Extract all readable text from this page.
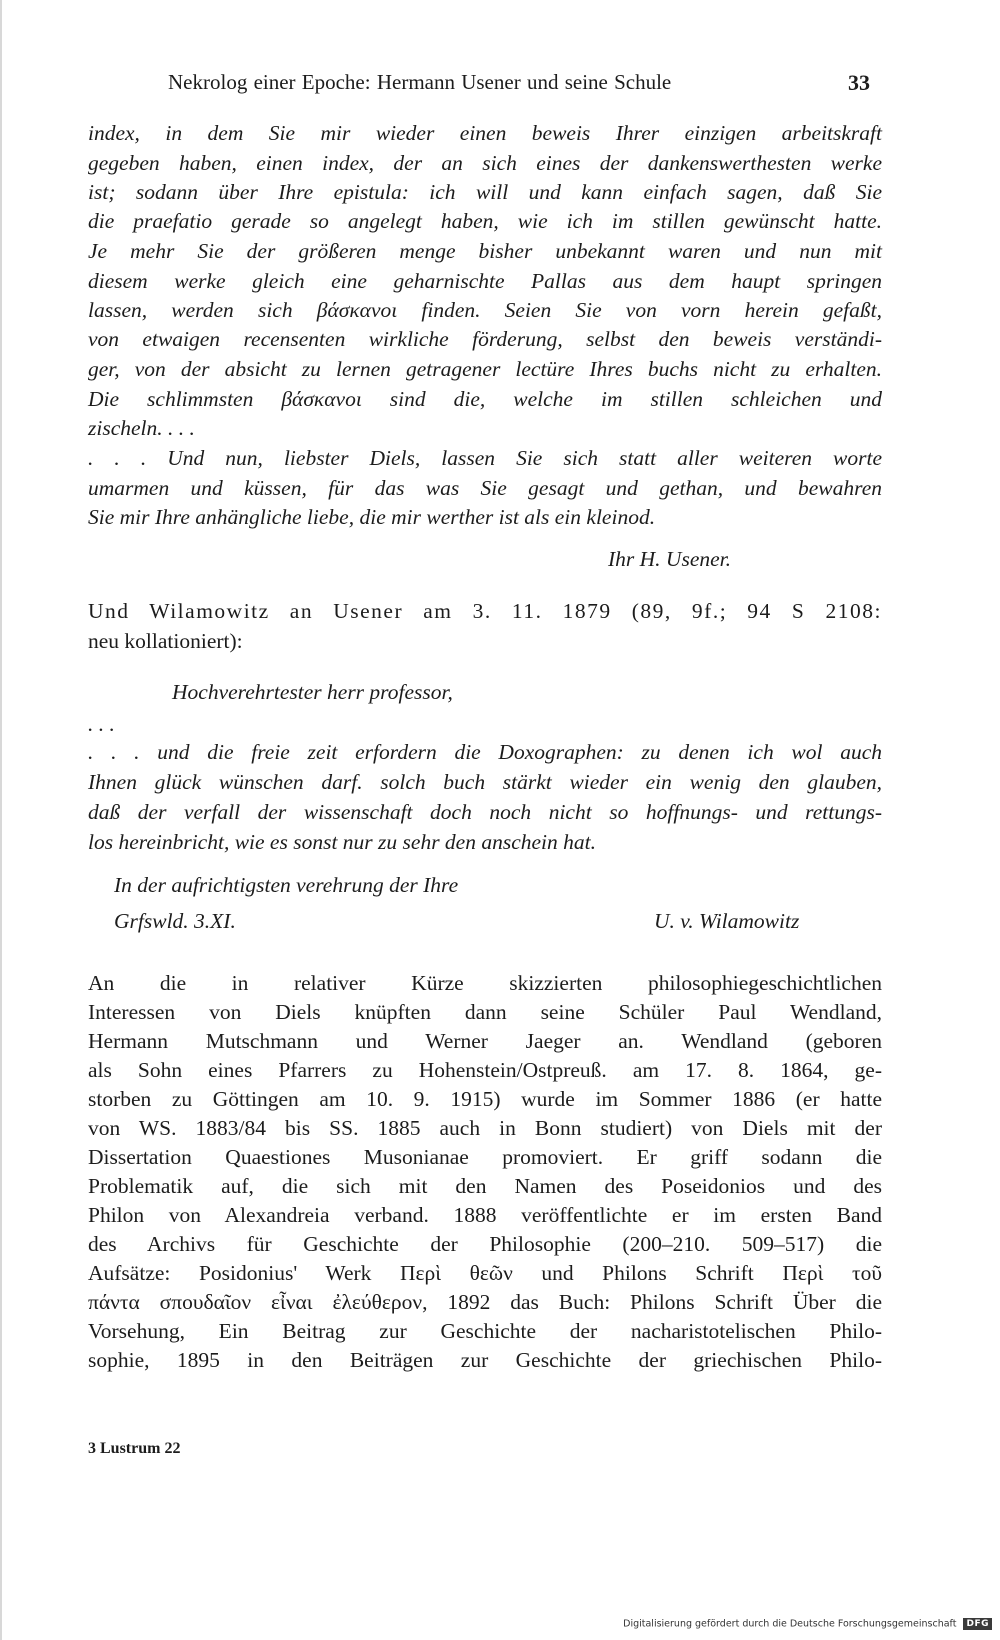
Nekrolog einer Epoche: Hermann Usener und seine Schule	33
index, in dem Sie mir wieder einen beweis Ihrer einzigen arbeitskraft
gegeben haben, einen index, der an sich eines der dankenswerthesten werke
ist; sodann über Ihre epistula: ich will und kann einfach sagen, daß Sie
die praefatio gerade so angelegt haben, wie ich im stillen gewünscht hatte.
Je mehr Sie der größeren menge bisher unbekannt waren und nun mit
diesem werke gleich eine geharnischte Pallas aus dem haupt springen
lassen, werden sich βάσκανοι finden. Seien Sie von vorn herein gefaßt,
von etwaigen recensenten wirkliche förderung, selbst den beweis verständi-
ger, von der absicht zu lernen getragener lectüre Ihres buchs nicht zu erhalten.
Die schlimmsten βάσκανοι sind die, welche im stillen schleichen und
zischeln. . . .
. . . Und nun, liebster Diels, lassen Sie sich statt aller weiteren worte
umarmen und küssen, für das was Sie gesagt und gethan, und bewahren
Sie mir Ihre anhängliche liebe, die mir werther ist als ein kleinod.
Ihr H. Usener.
Und Wilamowitz an Usener am 3. 11. 1879 (89, 9f.; 94 S 2108:
neu kollationiert):
Hochverehrtester herr professor,
. . .
. . . und die freie zeit erfordern die Doxographen: zu denen ich wol auch
Ihnen glück wünschen darf. solch buch stärkt wieder ein wenig den glauben,
daß der verfall der wissenschaft doch noch nicht so hoffnungs- und rettungs-
los hereinbricht, wie es sonst nur zu sehr den anschein hat.
In der aufrichtigsten verehrung der Ihre
Grfswld. 3.XI.	U. v. Wilamowitz
An die in relativer Kürze skizzierten philosophiegeschichtlichen
Interessen von Diels knüpften dann seine Schüler Paul Wendland,
Hermann Mutschmann und Werner Jaeger an. Wendland (geboren
als Sohn eines Pfarrers zu Hohenstein/Ostpreuß. am 17. 8. 1864, ge-
storben zu Göttingen am 10. 9. 1915) wurde im Sommer 1886 (er hatte
von WS. 1883/84 bis SS. 1885 auch in Bonn studiert) von Diels mit der
Dissertation Quaestiones Musonianae promoviert. Er griff sodann die
Problematik auf, die sich mit den Namen des Poseidonios und des
Philon von Alexandreia verband. 1888 veröffentlichte er im ersten Band
des Archivs für Geschichte der Philosophie (200–210. 509–517) die
Aufsätze: Posidonius' Werk Περὶ θεῶν und Philons Schrift Περὶ τοῦ
πάντα σπουδαῖον εἶναι ἐλεύθερον, 1892 das Buch: Philons Schrift Über die
Vorsehung, Ein Beitrag zur Geschichte der nacharistotelischen Philo-
sophie, 1895 in den Beiträgen zur Geschichte der griechischen Philo-
3 Lustrum 22
Digitalisierung gefördert durch die Deutsche Forschungsgemeinschaft DFG
